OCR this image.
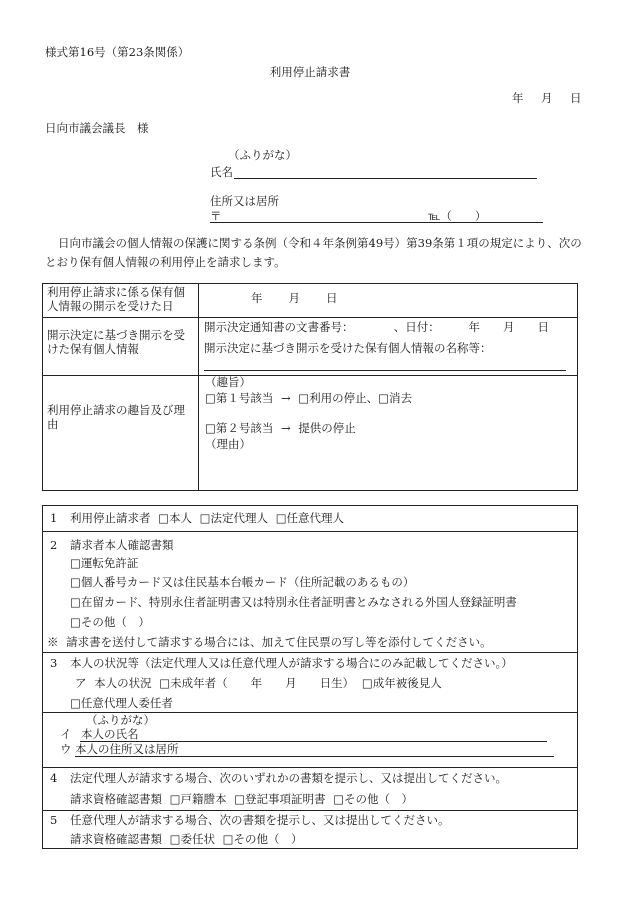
様式第16号（第23条関係）
利用停止請求書
年　月　日
日向市議会議長　様
（ふりがな）
氏名
住所又は居所
〒	℡（　　）
日向市議会の個人情報の保護に関する条例（令和４年条例第49号）第39条第１項の規定により、次の
とおり保有個人情報の利用停止を請求します。
利用停止請求に係る保有個人情報の開示を受けた日
年　　月　　日
開示決定に基づき開示を受けた保有個人情報
開示決定通知書の文書番号：　　　　、日付：　　　年　　月　　日
開示決定に基づき開示を受けた保有個人情報の名称等：
利用停止請求の趣旨及び理由
（趣旨）
□第１号該当 → □利用の停止、□消去
□第２号該当 → 提供の停止
（理由）
1 利用停止請求者 □本人 □法定代理人 □任意代理人
2 請求者本人確認書類
□運転免許証
□個人番号カード又は住民基本台帳カード（住所記載のあるもの）
□在留カード、特別永住者証明書又は特別永住者証明書とみなされる外国人登録証明書
□その他（　）
※ 請求書を送付して請求する場合には、加えて住民票の写し等を添付してください。
3 本人の状況等（法定代理人又は任意代理人が請求する場合にのみ記載してください。）
ア 本人の状況 □未成年者（　　年　　月　　日生） □成年被後見人
□任意代理人委任者
（ふりがな）
イ 本人の氏名
ウ 本人の住所又は居所
4 法定代理人が請求する場合、次のいずれかの書類を提示し、又は提出してください。
請求資格確認書類 □戸籍謄本 □登記事項証明書 □その他（　）
5 任意代理人が請求する場合、次の書類を提示し、又は提出してください。
請求資格確認書類 □委任状 □その他（　）
